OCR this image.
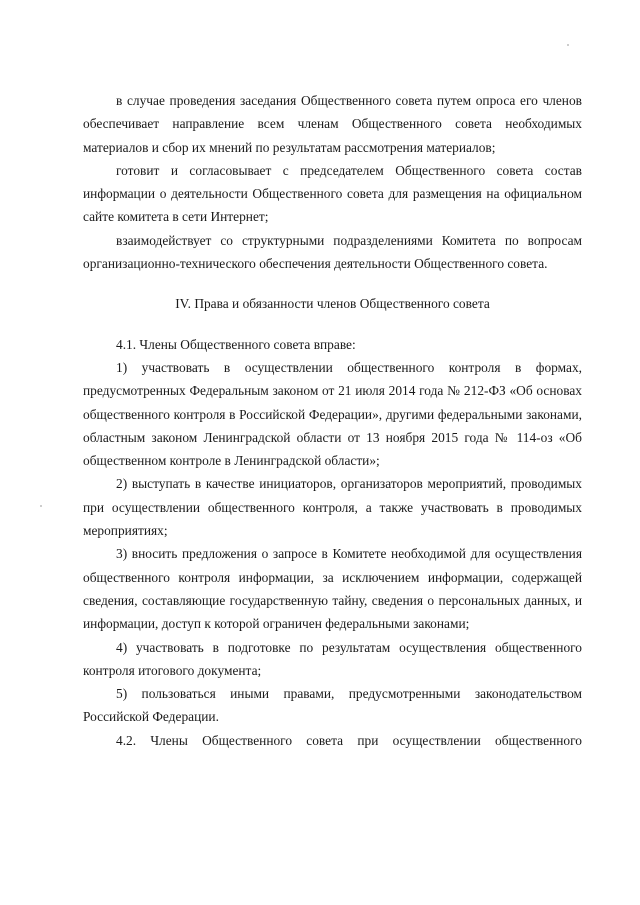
в случае проведения заседания Общественного совета путем опроса его членов обеспечивает направление всем членам Общественного совета необходимых материалов и сбор их мнений по результатам рассмотрения материалов;

готовит и согласовывает с председателем Общественного совета состав информации о деятельности Общественного совета для размещения на официальном сайте комитета в сети Интернет;

взаимодействует со структурными подразделениями Комитета по вопросам организационно-технического обеспечения деятельности Общественного совета.

IV. Права и обязанности членов Общественного совета

4.1. Члены Общественного совета вправе:

1) участвовать в осуществлении общественного контроля в формах, предусмотренных Федеральным законом от 21 июля 2014 года № 212-ФЗ «Об основах общественного контроля в Российской Федерации», другими федеральными законами, областным законом Ленинградской области от 13 ноября 2015 года № 114-оз «Об общественном контроле в Ленинградской области»;

2) выступать в качестве инициаторов, организаторов мероприятий, проводимых при осуществлении общественного контроля, а также участвовать в проводимых мероприятиях;

3) вносить предложения о запросе в Комитете необходимой для осуществления общественного контроля информации, за исключением информации, содержащей сведения, составляющие государственную тайну, сведения о персональных данных, и информации, доступ к которой ограничен федеральными законами;

4) участвовать в подготовке по результатам осуществления общественного контроля итогового документа;

5) пользоваться иными правами, предусмотренными законодательством Российской Федерации.

4.2. Члены Общественного совета при осуществлении общественного
